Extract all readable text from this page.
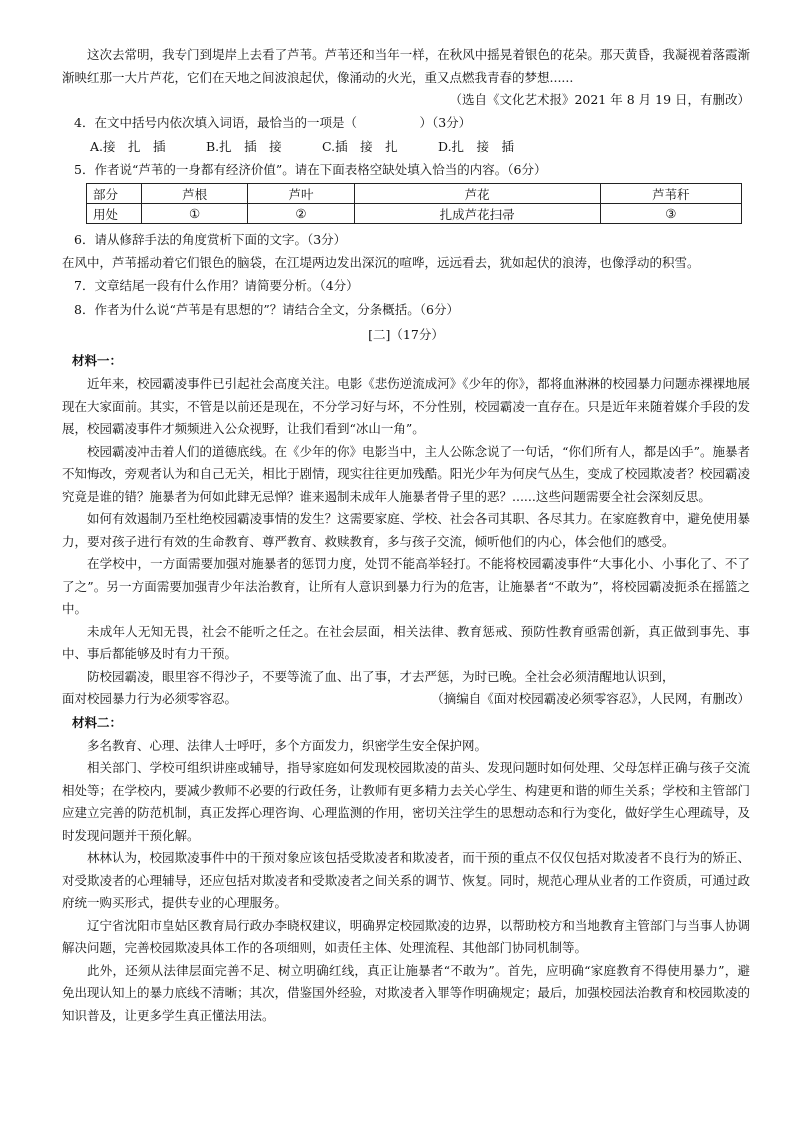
这次去常明，我专门到堤岸上去看了芦苇。芦苇还和当年一样，在秋风中摇晃着银色的花朵。那天黄昏，我凝视着落霞渐渐映红那一大片芦花，它们在天地之间波浪起伏，像涌动的火光，重又点燃我青春的梦想......

（选自《文化艺术报》2021 年 8 月 19 日，有删改）

4．在文中括号内依次填入词语，最恰当的一项是（　　　　　）（3分）

A.接　扎　插	B.扎　插　接	C.插　接　扎	D.扎　接　插

5．作者说“芦苇的一身都有经济价值”。请在下面表格空缺处填入恰当的内容。（6分）

部分	芦根	芦叶	芦花	芦苇秆
用处	①	②	扎成芦花扫帚	③

6．请从修辞手法的角度赏析下面的文字。（3分）

在风中，芦苇摇动着它们银色的脑袋，在江堤两边发出深沉的喧哗，远远看去，犹如起伏的浪涛，也像浮动的积雪。

7．文章结尾一段有什么作用？请简要分析。（4分）

8．作者为什么说“芦苇是有思想的”？请结合全文，分条概括。（6分）

[二]（17分）

材料一：

近年来，校园霸凌事件已引起社会高度关注。电影《悲伤逆流成河》《少年的你》，都将血淋淋的校园暴力问题赤裸裸地展现在大家面前。其实，不管是以前还是现在，不分学习好与坏，不分性别，校园霸凌一直存在。只是近年来随着媒介手段的发展，校园霸凌事件才频频进入公众视野，让我们看到“冰山一角”。

校园霸凌冲击着人们的道德底线。在《少年的你》电影当中，主人公陈念说了一句话，“你们所有人，都是凶手”。施暴者不知悔改，旁观者认为和自己无关，相比于剧情，现实往往更加残酷。阳光少年为何戾气丛生，变成了校园欺凌者？校园霸凌究竟是谁的错？施暴者为何如此肆无忌惮？谁来遏制未成年人施暴者骨子里的恶？......这些问题需要全社会深刻反思。

如何有效遏制乃至杜绝校园霸凌事情的发生？这需要家庭、学校、社会各司其职、各尽其力。在家庭教育中，避免使用暴力，要对孩子进行有效的生命教育、尊严教育、救赎教育，多与孩子交流，倾听他们的内心，体会他们的感受。

在学校中，一方面需要加强对施暴者的惩罚力度，处罚不能高举轻打。不能将校园霸凌事件“大事化小、小事化了、不了了之”。另一方面需要加强青少年法治教育，让所有人意识到暴力行为的危害，让施暴者“不敢为”，将校园霸凌扼杀在摇篮之中。

未成年人无知无畏，社会不能听之任之。在社会层面，相关法律、教育惩戒、预防性教育亟需创新，真正做到事先、事中、事后都能够及时有力干预。

防校园霸凌，眼里容不得沙子，不要等流了血、出了事，才去严惩，为时已晚。全社会必须清醒地认识到，

面对校园暴力行为必须零容忍。	（摘编自《面对校园霸凌必须零容忍》，人民网，有删改）

材料二：

多名教育、心理、法律人士呼吁，多个方面发力，织密学生安全保护网。

相关部门、学校可组织讲座或辅导，指导家庭如何发现校园欺凌的苗头、发现问题时如何处理、父母怎样正确与孩子交流相处等；在学校内，要减少教师不必要的行政任务，让教师有更多精力去关心学生、构建更和谐的师生关系；学校和主管部门应建立完善的防范机制，真正发挥心理咨询、心理监测的作用，密切关注学生的思想动态和行为变化，做好学生心理疏导，及时发现问题并干预化解。

林林认为，校园欺凌事件中的干预对象应该包括受欺凌者和欺凌者，而干预的重点不仅仅包括对欺凌者不良行为的矫正、对受欺凌者的心理辅导，还应包括对欺凌者和受欺凌者之间关系的调节、恢复。同时，规范心理从业者的工作资质，可通过政府统一购买形式，提供专业的心理服务。

辽宁省沈阳市皇姑区教育局行政办李晓权建议，明确界定校园欺凌的边界，以帮助校方和当地教育主管部门与当事人协调解决问题，完善校园欺凌具体工作的各项细则，如责任主体、处理流程、其他部门协同机制等。

此外，还须从法律层面完善不足、树立明确红线，真正让施暴者“不敢为”。首先，应明确“家庭教育不得使用暴力”，避免出现认知上的暴力底线不清晰；其次，借鉴国外经验，对欺凌者入罪等作明确规定；最后，加强校园法治教育和校园欺凌的知识普及，让更多学生真正懂法用法。
